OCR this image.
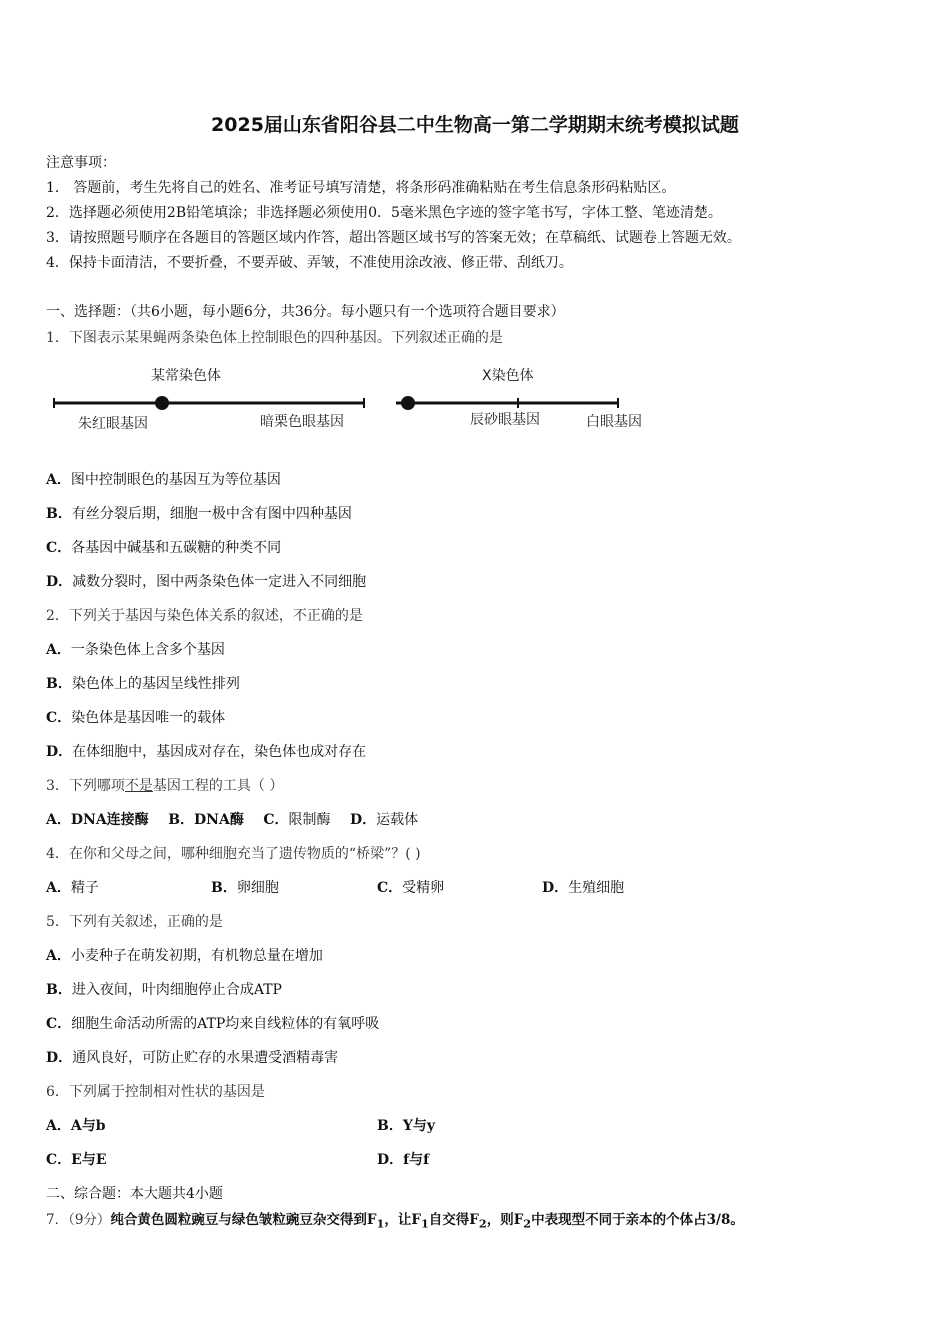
2025届山东省阳谷县二中生物高一第二学期期末统考模拟试题
注意事项：
1． 答题前，考生先将自己的姓名、准考证号填写清楚，将条形码准确粘贴在考生信息条形码粘贴区。
2．选择题必须使用2B铅笔填涂；非选择题必须使用0．5毫米黑色字迹的签字笔书写，字体工整、笔迹清楚。
3．请按照题号顺序在各题目的答题区域内作答，超出答题区域书写的答案无效；在草稿纸、试题卷上答题无效。
4．保持卡面清洁，不要折叠，不要弄破、弄皱，不准使用涂改液、修正带、刮纸刀。
一、选择题：（共6小题，每小题6分，共36分。每小题只有一个选项符合题目要求）
1．下图表示某果蝇两条染色体上控制眼色的四种基因。下列叙述正确的是
某常染色体
朱红眼基因	暗栗色眼基因
X染色体
辰砂眼基因	白眼基因
A．图中控制眼色的基因互为等位基因
B．有丝分裂后期，细胞一极中含有图中四种基因
C．各基因中碱基和五碳糖的种类不同
D．减数分裂时，图中两条染色体一定进入不同细胞
2．下列关于基因与染色体关系的叙述，不正确的是
A．一条染色体上含多个基因
B．染色体上的基因呈线性排列
C．染色体是基因唯一的载体
D．在体细胞中，基因成对存在，染色体也成对存在
3．下列哪项不是基因工程的工具（ ）
A．DNA连接酶 B．DNA酶 C．限制酶 D．运载体
4．在你和父母之间，哪种细胞充当了遗传物质的“桥梁”？( )
A．精子	B．卵细胞	C．受精卵	D．生殖细胞
5．下列有关叙述，正确的是
A．小麦种子在萌发初期，有机物总量在增加
B．进入夜间，叶肉细胞停止合成ATP
C．细胞生命活动所需的ATP均来自线粒体的有氧呼吸
D．通风良好，可防止贮存的水果遭受酒精毒害
6．下列属于控制相对性状的基因是
A．A与b	B．Y与y
C．E与E	D．f与f
二、综合题：本大题共4小题
7．（9分）纯合黄色圆粒豌豆与绿色皱粒豌豆杂交得到$F_1$，让$F_1$自交得$F_2$，则$F_2$中表现型不同于亲本的个体占3/8。
